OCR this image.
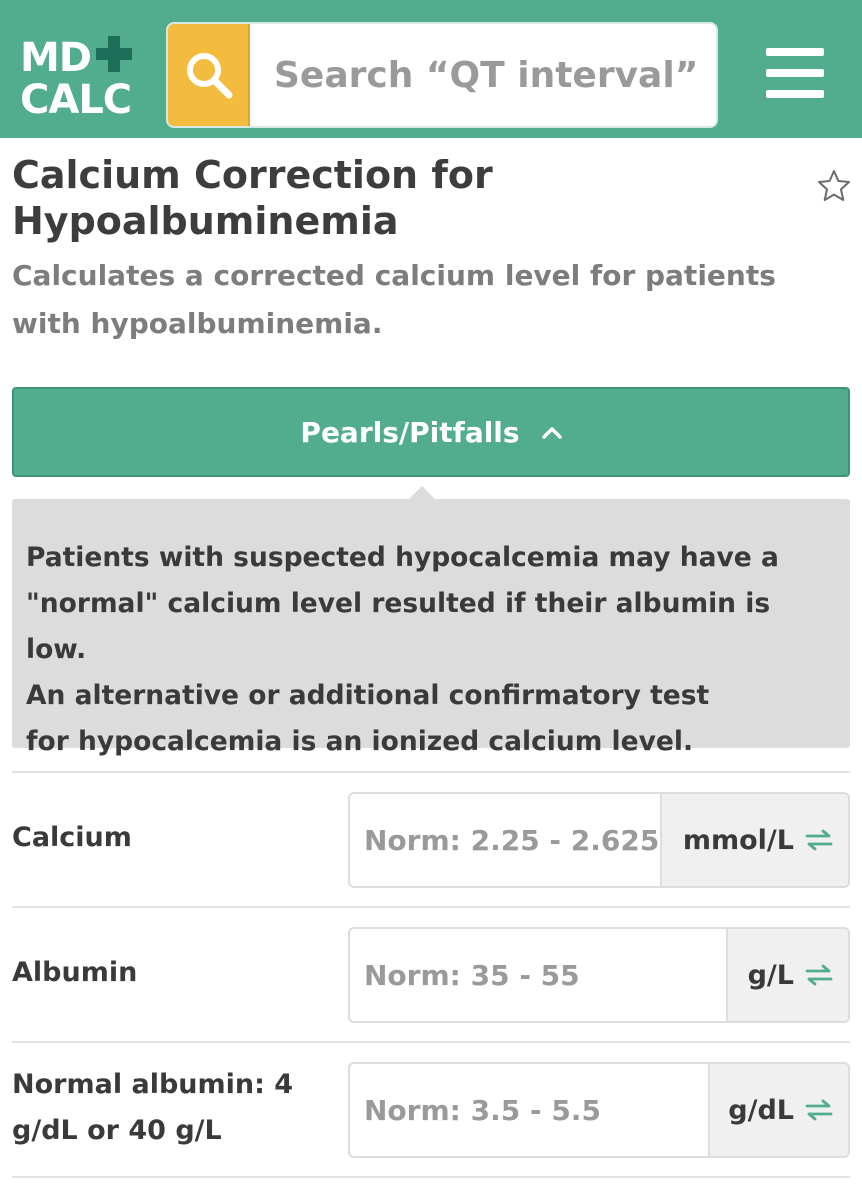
MD
CALC
Search “QT interval”
Calcium Correction for Hypoalbuminemia
Calculates a corrected calcium level for patients with hypoalbuminemia.
Pearls/Pitfalls
Patients with suspected hypocalcemia may have a
"normal" calcium level resulted if their albumin is low.
An alternative or additional confirmatory test
for hypocalcemia is an ionized calcium level.
Calcium
Norm: 2.25 - 2.625	mmol/L
Albumin
Norm: 35 - 55	g/L
Normal albumin: 4
g/dL or 40 g/L
Norm: 3.5 - 5.5
g/dL
